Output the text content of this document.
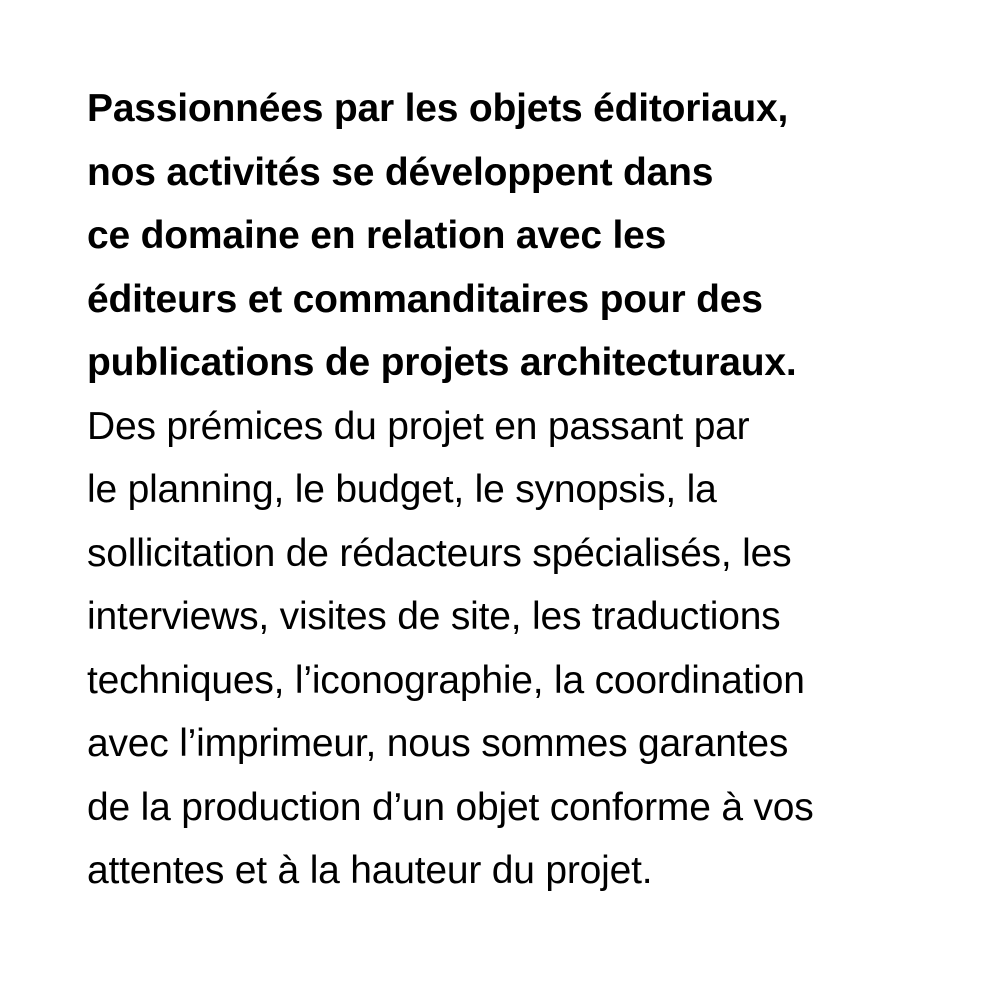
Passionnées par les objets éditoriaux,
nos activités se développent dans
ce domaine en relation avec les
éditeurs et commanditaires pour des
publications de projets architecturaux.
Des prémices du projet en passant par
le planning, le budget, le synopsis, la
sollicitation de rédacteurs spécialisés, les
interviews, visites de site, les traductions
techniques, l’iconographie, la coordination
avec l’imprimeur, nous sommes garantes
de la production d’un objet conforme à vos
attentes et à la hauteur du projet.
